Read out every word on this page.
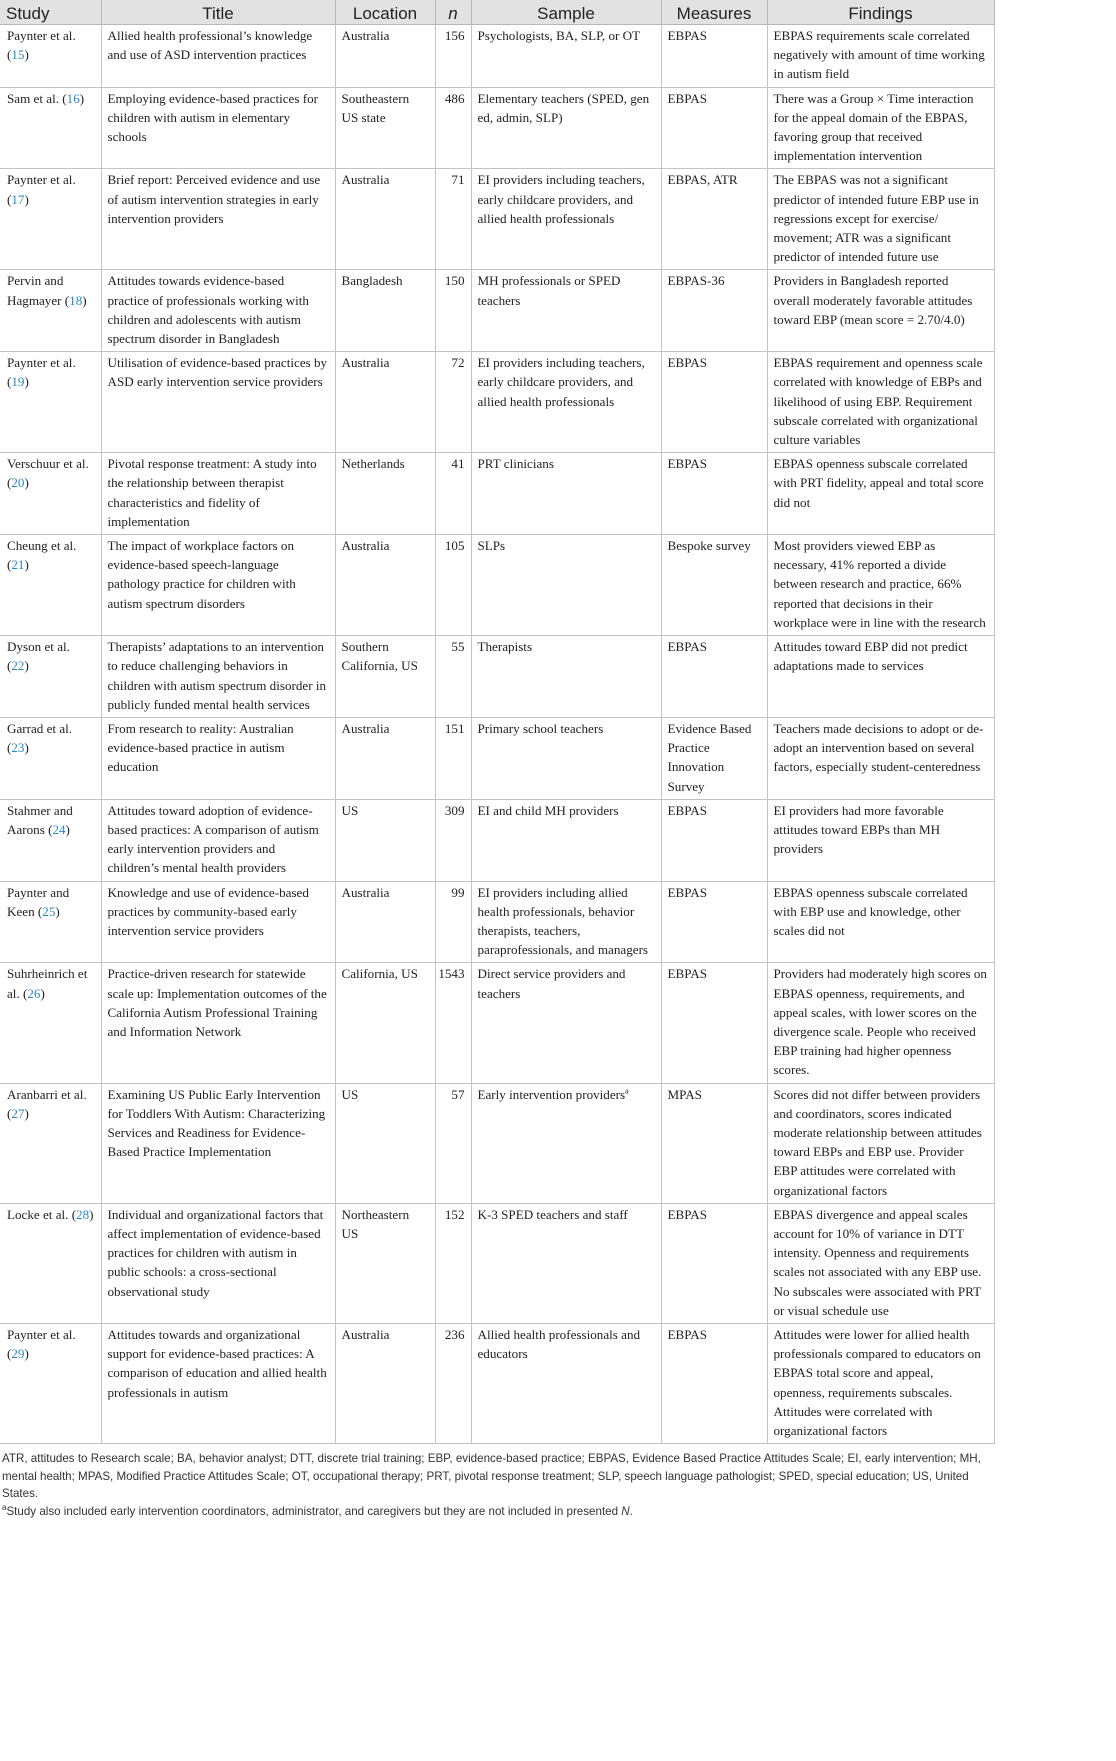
Study	Title	Location	n	Sample	Measures	Findings
Paynter et al. (15)	Allied health professional’s knowledge and use of ASD intervention practices	Australia	156	Psychologists, BA, SLP, or OT	EBPAS	EBPAS requirements scale correlated negatively with amount of time working in autism field
Sam et al. (16)	Employing evidence-based practices for children with autism in elementary schools	Southeastern US state	486	Elementary teachers (SPED, gen ed, admin, SLP)	EBPAS	There was a Group × Time interaction for the appeal domain of the EBPAS, favoring group that received implementation intervention
Paynter et al. (17)	Brief report: Perceived evidence and use of autism intervention strategies in early intervention providers	Australia	71	EI providers including teachers, early childcare providers, and allied health professionals	EBPAS, ATR	The EBPAS was not a significant predictor of intended future EBP use in regressions except for exercise/ movement; ATR was a significant predictor of intended future use
Pervin and Hagmayer (18)	Attitudes towards evidence-based practice of professionals working with children and adolescents with autism spectrum disorder in Bangladesh	Bangladesh	150	MH professionals or SPED teachers	EBPAS-36	Providers in Bangladesh reported overall moderately favorable attitudes toward EBP (mean score = 2.70/4.0)
Paynter et al. (19)	Utilisation of evidence-based practices by ASD early intervention service providers	Australia	72	EI providers including teachers, early childcare providers, and allied health professionals	EBPAS	EBPAS requirement and openness scale correlated with knowledge of EBPs and likelihood of using EBP. Requirement subscale correlated with organizational culture variables
Verschuur et al. (20)	Pivotal response treatment: A study into the relationship between therapist characteristics and fidelity of implementation	Netherlands	41	PRT clinicians	EBPAS	EBPAS openness subscale correlated with PRT fidelity, appeal and total score did not
Cheung et al. (21)	The impact of workplace factors on evidence-based speech-language pathology practice for children with autism spectrum disorders	Australia	105	SLPs	Bespoke survey	Most providers viewed EBP as necessary, 41% reported a divide between research and practice, 66% reported that decisions in their workplace were in line with the research
Dyson et al. (22)	Therapists’ adaptations to an intervention to reduce challenging behaviors in children with autism spectrum disorder in publicly funded mental health services	Southern California, US	55	Therapists	EBPAS	Attitudes toward EBP did not predict adaptations made to services
Garrad et al. (23)	From research to reality: Australian evidence-based practice in autism education	Australia	151	Primary school teachers	Evidence Based Practice Innovation Survey	Teachers made decisions to adopt or de-adopt an intervention based on several factors, especially student-centeredness
Stahmer and Aarons (24)	Attitudes toward adoption of evidence-based practices: A comparison of autism early intervention providers and children’s mental health providers	US	309	EI and child MH providers	EBPAS	EI providers had more favorable attitudes toward EBPs than MH providers
Paynter and Keen (25)	Knowledge and use of evidence-based practices by community-based early intervention service providers	Australia	99	EI providers including allied health professionals, behavior therapists, teachers, paraprofessionals, and managers	EBPAS	EBPAS openness subscale correlated with EBP use and knowledge, other scales did not
Suhrheinrich et al. (26)	Practice-driven research for statewide scale up: Implementation outcomes of the California Autism Professional Training and Information Network	California, US	1543	Direct service providers and teachers	EBPAS	Providers had moderately high scores on EBPAS openness, requirements, and appeal scales, with lower scores on the divergence scale. People who received EBP training had higher openness scores.
Aranbarri et al. (27)	Examining US Public Early Intervention for Toddlers With Autism: Characterizing Services and Readiness for Evidence-Based Practice Implementation	US	57	Early intervention providers$^a$	MPAS	Scores did not differ between providers and coordinators, scores indicated moderate relationship between attitudes toward EBPs and EBP use. Provider EBP attitudes were correlated with organizational factors
Locke et al. (28)	Individual and organizational factors that affect implementation of evidence-based practices for children with autism in public schools: a cross-sectional observational study	Northeastern US	152	K-3 SPED teachers and staff	EBPAS	EBPAS divergence and appeal scales account for 10% of variance in DTT intensity. Openness and requirements scales not associated with any EBP use. No subscales were associated with PRT or visual schedule use
Paynter et al. (29)	Attitudes towards and organizational support for evidence-based practices: A comparison of education and allied health professionals in autism	Australia	236	Allied health professionals and educators	EBPAS	Attitudes were lower for allied health professionals compared to educators on EBPAS total score and appeal, openness, requirements subscales. Attitudes were correlated with organizational factors

ATR, attitudes to Research scale; BA, behavior analyst; DTT, discrete trial training; EBP, evidence-based practice; EBPAS, Evidence Based Practice Attitudes Scale; EI, early intervention; MH, mental health; MPAS, Modified Practice Attitudes Scale; OT, occupational therapy; PRT, pivotal response treatment; SLP, speech language pathologist; SPED, special education; US, United States.

$^a$Study also included early intervention coordinators, administrator, and caregivers but they are not included in presented N.
